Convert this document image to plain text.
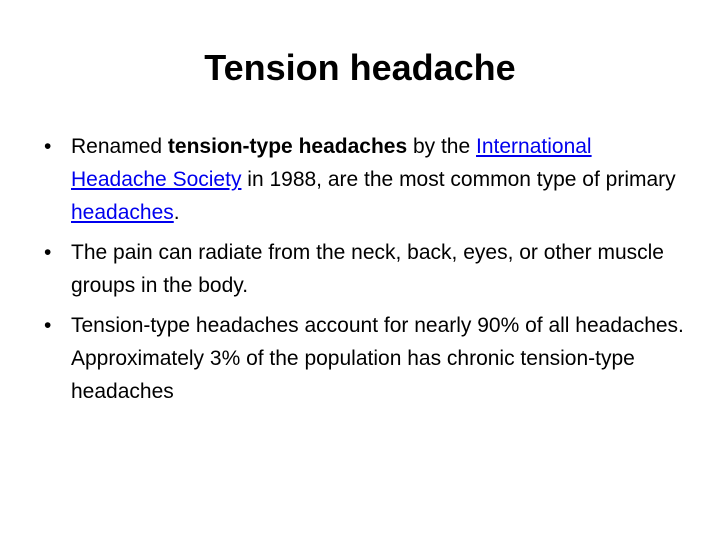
Tension headache
• Renamed tension-type headaches by the International Headache Society in 1988, are the most common type of primary headaches.
• The pain can radiate from the neck, back, eyes, or other muscle groups in the body.
• Tension-type headaches account for nearly 90% of all headaches. Approximately 3% of the population has chronic tension-type headaches
